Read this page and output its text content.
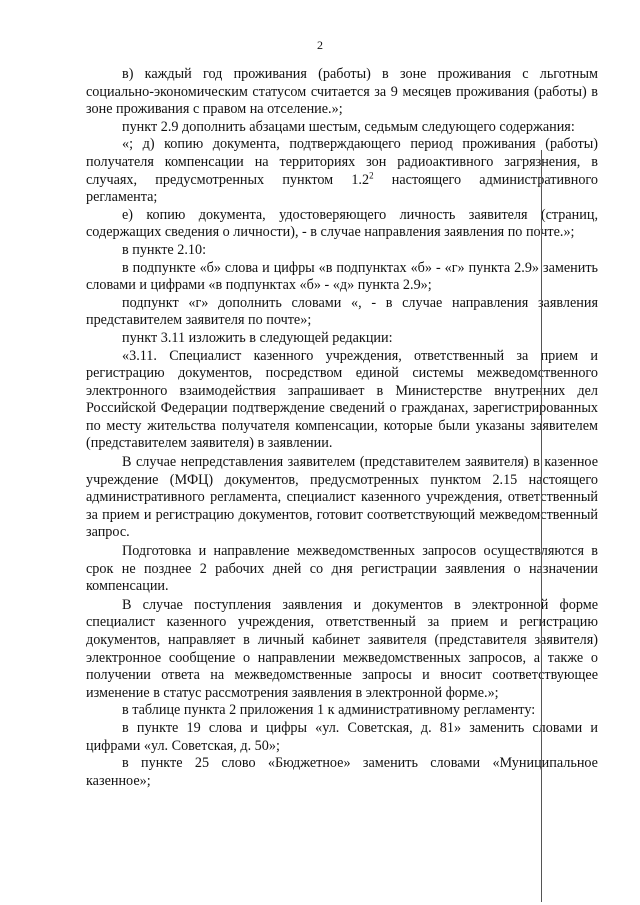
2

в) каждый год проживания (работы) в зоне проживания с льготным социально-экономическим статусом считается за 9 месяцев проживания (работы) в зоне проживания с правом на отселение.»;

пункт 2.9 дополнить абзацами шестым, седьмым следующего содержания:

«; д) копию документа, подтверждающего период проживания (работы) получателя компенсации на территориях зон радиоактивного загрязнения, в случаях, предусмотренных пунктом $1.2^2$ настоящего административного регламента;

е) копию документа, удостоверяющего личность заявителя (страниц, содержащих сведения о личности), - в случае направления заявления по почте.»;

в пункте 2.10:

в подпункте «б» слова и цифры «в подпунктах «б» - «г» пункта 2.9» заменить словами и цифрами «в подпунктах «б» - «д» пункта 2.9»;

подпункт «г» дополнить словами «, - в случае направления заявления представителем заявителя по почте»;

пункт 3.11 изложить в следующей редакции:

«3.11. Специалист казенного учреждения, ответственный за прием и регистрацию документов, посредством единой системы межведомственного электронного взаимодействия запрашивает в Министерстве внутренних дел Российской Федерации подтверждение сведений о гражданах, зарегистрированных по месту жительства получателя компенсации, которые были указаны заявителем (представителем заявителя) в заявлении.

В случае непредставления заявителем (представителем заявителя) в казенное учреждение (МФЦ) документов, предусмотренных пунктом 2.15 настоящего административного регламента, специалист казенного учреждения, ответственный за прием и регистрацию документов, готовит соответствующий межведомственный запрос.

Подготовка и направление межведомственных запросов осуществляются в срок не позднее 2 рабочих дней со дня регистрации заявления о назначении компенсации.

В случае поступления заявления и документов в электронной форме специалист казенного учреждения, ответственный за прием и регистрацию документов, направляет в личный кабинет заявителя (представителя заявителя) электронное сообщение о направлении межведомственных запросов, а также о получении ответа на межведомственные запросы и вносит соответствующее изменение в статус рассмотрения заявления в электронной форме.»;

в таблице пункта 2 приложения 1 к административному регламенту:

в пункте 19 слова и цифры «ул. Советская, д. 81» заменить словами и цифрами «ул. Советская, д. 50»;

в пункте 25 слово «Бюджетное» заменить словами «Муниципальное казенное»;
